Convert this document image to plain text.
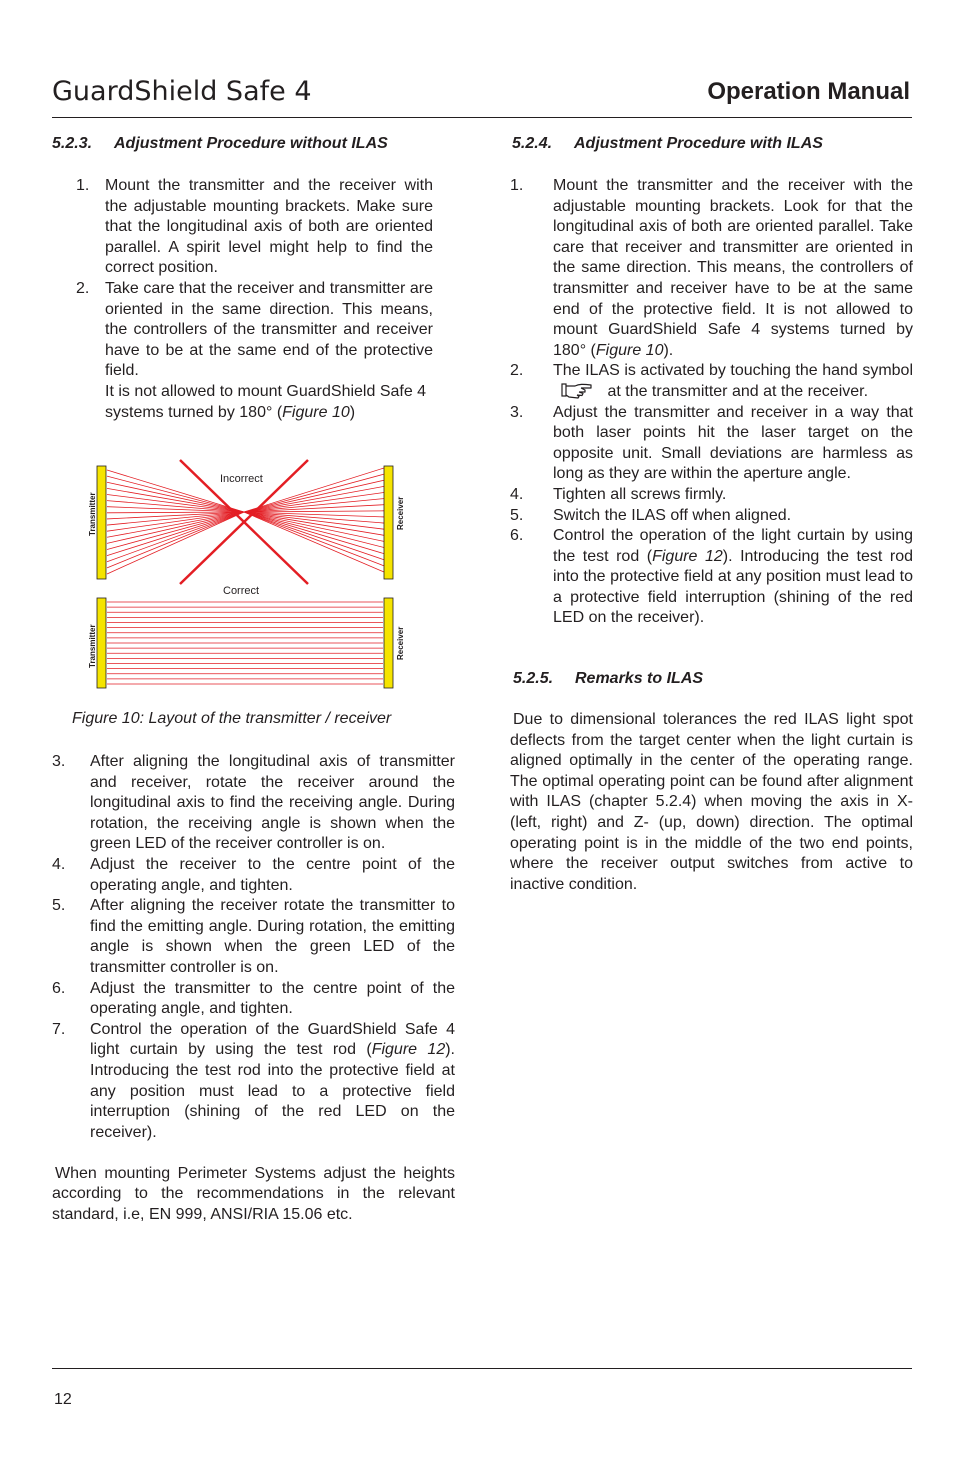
GuardShield Safe 4	Operation Manual
5.2.3. Adjustment Procedure without ILAS
1. Mount the transmitter and the receiver with the adjustable mounting brackets. Make sure that the longitudinal axis of both are oriented parallel. A spirit level might help to find the correct position.
2. Take care that the receiver and transmitter are oriented in the same direction. This means, the controllers of the transmitter and receiver have to be at the same end of the protective field.
It is not allowed to mount GuardShield Safe 4 systems turned by 180° (Figure 10)
Incorrect
Transmitter	Receiver
Correct
Transmitter	Receiver
Figure 10: Layout of the transmitter / receiver
3. After aligning the longitudinal axis of transmitter and receiver, rotate the receiver around the longitudinal axis to find the receiving angle. During rotation, the receiving angle is shown when the green LED of the receiver controller is on.
4. Adjust the receiver to the centre point of the operating angle, and tighten.
5. After aligning the receiver rotate the transmitter to find the emitting angle. During rotation, the emitting angle is shown when the green LED of the transmitter controller is on.
6. Adjust the transmitter to the centre point of the operating angle, and tighten.
7. Control the operation of the GuardShield Safe 4 light curtain by using the test rod (Figure 12). Introducing the test rod into the protective field at any position must lead to a protective field interruption (shining of the red LED on the receiver).
When mounting Perimeter Systems adjust the heights according to the recommendations in the relevant standard, i.e, EN 999, ANSI/RIA 15.06 etc.
5.2.4. Adjustment Procedure with ILAS
1. Mount the transmitter and the receiver with the adjustable mounting brackets. Look for that the longitudinal axis of both are oriented parallel. Take care that receiver and transmitter are oriented in the same direction. This means, the controllers of transmitter and receiver have to be at the same end of the protective field. It is not allowed to mount GuardShield Safe 4 systems turned by 180° (Figure 10).
2. The ILAS is activated by touching the hand symbol  at the transmitter and at the receiver.
3. Adjust the transmitter and receiver in a way that both laser points hit the laser target on the opposite unit. Small deviations are harmless as long as they are within the aperture angle.
4. Tighten all screws firmly.
5. Switch the ILAS off when aligned.
6. Control the operation of the light curtain by using the test rod (Figure 12). Introducing the test rod into the protective field at any position must lead to a protective field interruption (shining of the red LED on the receiver).
5.2.5. Remarks to ILAS
Due to dimensional tolerances the red ILAS light spot deflects from the target center when the light curtain is aligned optimally in the center of the operating range. The optimal operating point can be found after alignment with ILAS (chapter 5.2.4) when moving the axis in X- (left, right) and Z- (up, down) direction. The optimal operating point is in the middle of the two end points, where the receiver output switches from active to inactive condition.
12
